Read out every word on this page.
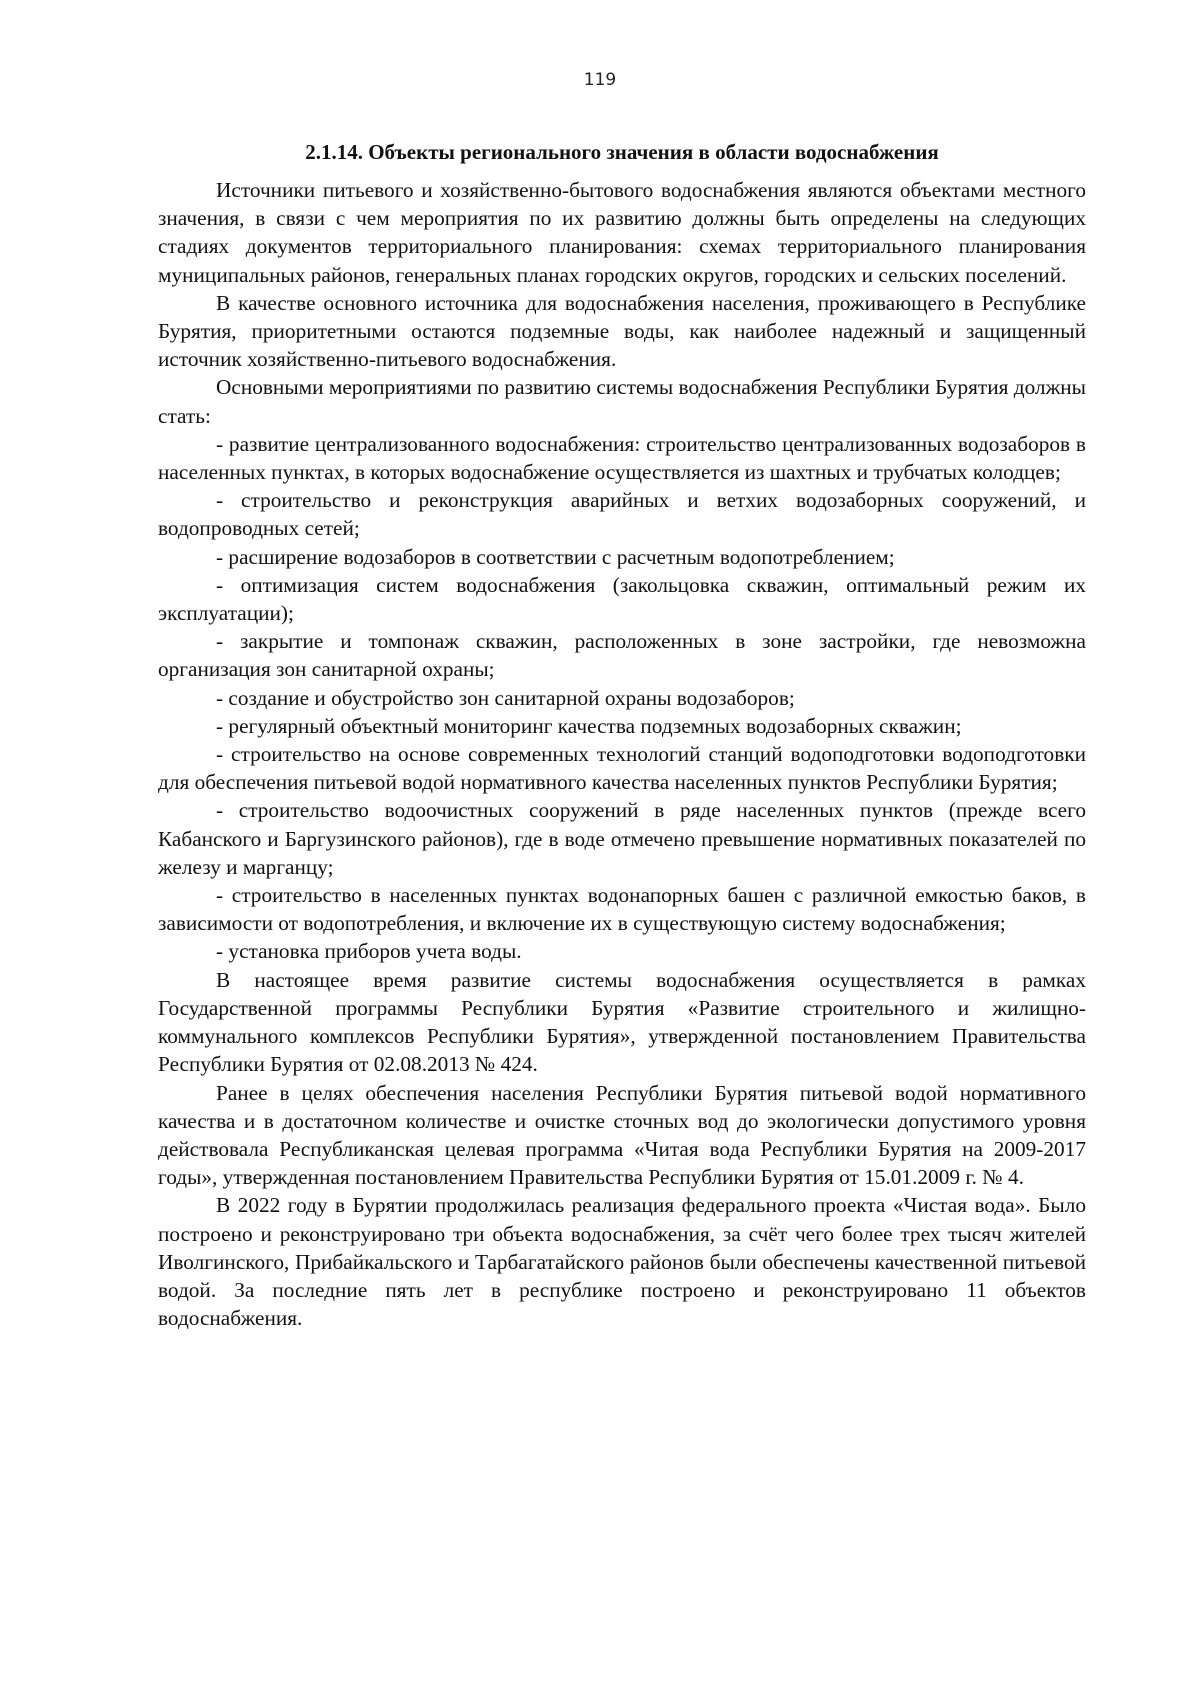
119
2.1.14. Объекты регионального значения в области водоснабжения

Источники питьевого и хозяйственно-бытового водоснабжения являются объектами местного значения, в связи с чем мероприятия по их развитию должны быть определены на следующих стадиях документов территориального планирования: схемах территориального планирования муниципальных районов, генеральных планах городских округов, городских и сельских поселений.

В качестве основного источника для водоснабжения населения, проживающего в Республике Бурятия, приоритетными остаются подземные воды, как наиболее надежный и защищенный источник хозяйственно-питьевого водоснабжения.

Основными мероприятиями по развитию системы водоснабжения Республики Бурятия должны стать:

- развитие централизованного водоснабжения: строительство централизованных водозаборов в населенных пунктах, в которых водоснабжение осуществляется из шахтных и трубчатых колодцев;
- строительство и реконструкция аварийных и ветхих водозаборных сооружений, и водопроводных сетей;
- расширение водозаборов в соответствии с расчетным водопотреблением;
- оптимизация систем водоснабжения (закольцовка скважин, оптимальный режим их эксплуатации);
- закрытие и томпонаж скважин, расположенных в зоне застройки, где невозможна организация зон санитарной охраны;
- создание и обустройство зон санитарной охраны водозаборов;
- регулярный объектный мониторинг качества подземных водозаборных скважин;
- строительство на основе современных технологий станций водоподготовки водоподготовки для обеспечения питьевой водой нормативного качества населенных пунктов Республики Бурятия;
- строительство водоочистных сооружений в ряде населенных пунктов (прежде всего Кабанского и Баргузинского районов), где в воде отмечено превышение нормативных показателей по железу и марганцу;
- строительство в населенных пунктах водонапорных башен с различной емкостью баков, в зависимости от водопотребления, и включение их в существующую систему водоснабжения;
- установка приборов учета воды.

В настоящее время развитие системы водоснабжения осуществляется в рамках Государственной программы Республики Бурятия «Развитие строительного и жилищно-коммунального комплексов Республики Бурятия», утвержденной постановлением Правительства Республики Бурятия от 02.08.2013 № 424.

Ранее в целях обеспечения населения Республики Бурятия питьевой водой нормативного качества и в достаточном количестве и очистке сточных вод до экологически допустимого уровня действовала Республиканская целевая программа «Читая вода Республики Бурятия на 2009-2017 годы», утвержденная постановлением Правительства Республики Бурятия от 15.01.2009 г. № 4.

В 2022 году в Бурятии продолжилась реализация федерального проекта «Чистая вода». Было построено и реконструировано три объекта водоснабжения, за счёт чего более трех тысяч жителей Иволгинского, Прибайкальского и Тарбагатайского районов были обеспечены качественной питьевой водой. За последние пять лет в республике построено и реконструировано 11 объектов водоснабжения.
